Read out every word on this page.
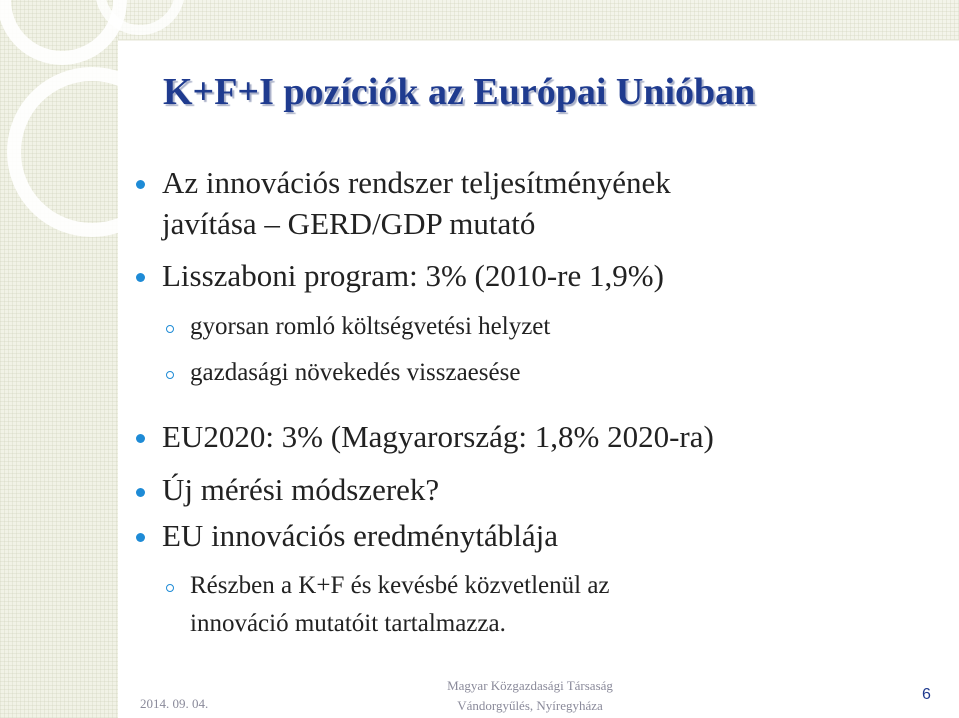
K+F+I pozíciók az Európai Unióban
Az innovációs rendszer teljesítményének
javítása – GERD/GDP mutató
Lisszaboni program: 3% (2010-re 1,9%)
gyorsan romló költségvetési helyzet
gazdasági növekedés visszaesése
EU2020: 3% (Magyarország: 1,8% 2020-ra)
Új mérési módszerek?
EU innovációs eredménytáblája
Részben a K+F és kevésbé közvetlenül az
innováció mutatóit tartalmazza.
2014. 09. 04.
Magyar Közgazdasági Társaság
Vándorgyűlés, Nyíregyháza
6
